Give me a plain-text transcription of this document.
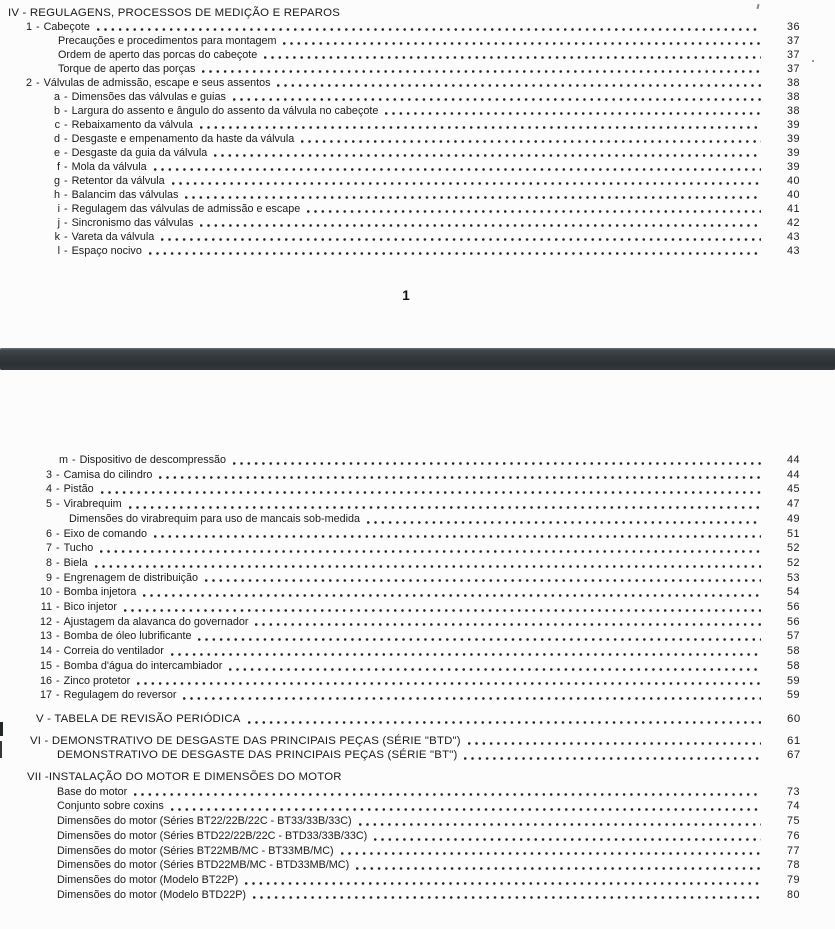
IV - REGULAGENS, PROCESSOS DE MEDIÇÃO E REPAROS
1 - Cabeçote	36
Precauções e procedimentos para montagem	37
Ordem de aperto das porcas do cabeçote	37
Torque de aperto das porças	37
2 - Válvulas de admissão, escape e seus assentos	38
a - Dimensões das válvulas e guias	38
b - Largura do assento e ângulo do assento da válvula no cabeçote	38
c - Rebaixamento da válvula	39
d - Desgaste e empenamento da haste da válvula	39
e - Desgaste da guia da válvula	39
f - Mola da válvula	39
g - Retentor da válvula	40
h - Balancim das válvulas	40
i - Regulagem das válvulas de admissão e escape	41
j - Sincronismo das válvulas	42
k - Vareta da válvula	43
l - Espaço nocivo	43
1
m - Dispositivo de descompressão	44
3 - Camisa do cilindro	44
4 - Pistão	45
5 - Virabrequim	47
Dimensões do virabrequim para uso de mancais sob-medida	49
6 - Eixo de comando	51
7 - Tucho	52
8 - Biela	52
9 - Engrenagem de distribuição	53
10 - Bomba injetora	54
11 - Bico injetor	56
12 - Ajustagem da alavanca do governador	56
13 - Bomba de óleo lubrificante	57
14 - Correia do ventilador	58
15 - Bomba d'água do intercambiador	58
16 - Zinco protetor	59
17 - Regulagem do reversor	59
V - TABELA DE REVISÃO PERIÓDICA	60
VI - DEMONSTRATIVO DE DESGASTE DAS PRINCIPAIS PEÇAS (SÉRIE "BTD")	61
DEMONSTRATIVO DE DESGASTE DAS PRINCIPAIS PEÇAS (SÉRIE "BT")	67
VII -INSTALAÇÃO DO MOTOR E DIMENSÕES DO MOTOR
Base do motor	73
Conjunto sobre coxins	74
Dimensões do motor (Séries BT22/22B/22C - BT33/33B/33C)	75
Dimensões do motor (Séries BTD22/22B/22C - BTD33/33B/33C)	76
Dimensões do motor (Séries BT22MB/MC - BT33MB/MC)	77
Dimensões do motor (Séries BTD22MB/MC - BTD33MB/MC)	78
Dimensões do motor (Modelo BT22P)	79
Dimensões do motor (Modelo BTD22P)	80
